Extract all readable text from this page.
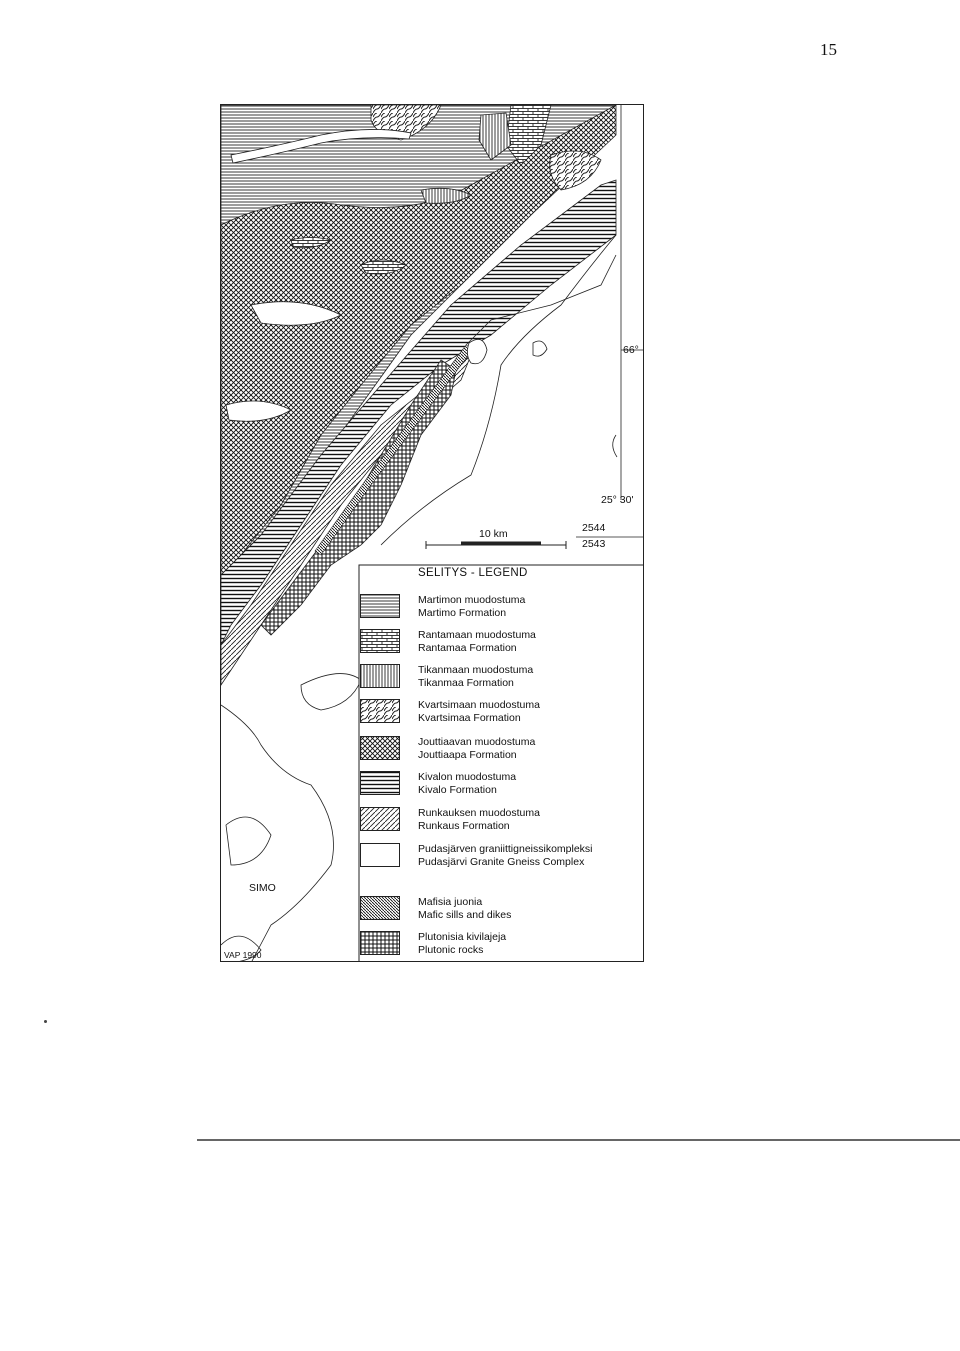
15
10 km
66°
25° 30'
2544
2543
SIMO
VAP 1990
SELITYS - LEGEND
Martimon muodostuma
Martimo Formation
Rantamaan muodostuma
Rantamaa Formation
Tikanmaan muodostuma
Tikanmaa Formation
Kvartsimaan muodostuma
Kvartsimaa Formation
Jouttiaavan muodostuma
Jouttiaapa Formation
Kivalon muodostuma
Kivalo Formation
Runkauksen muodostuma
Runkaus Formation
Pudasjärven graniittigneissikompleksi
Pudasjärvi Granite Gneiss Complex
Mafisia juonia
Mafic sills and dikes
Plutonisia kivilajeja
Plutonic rocks
